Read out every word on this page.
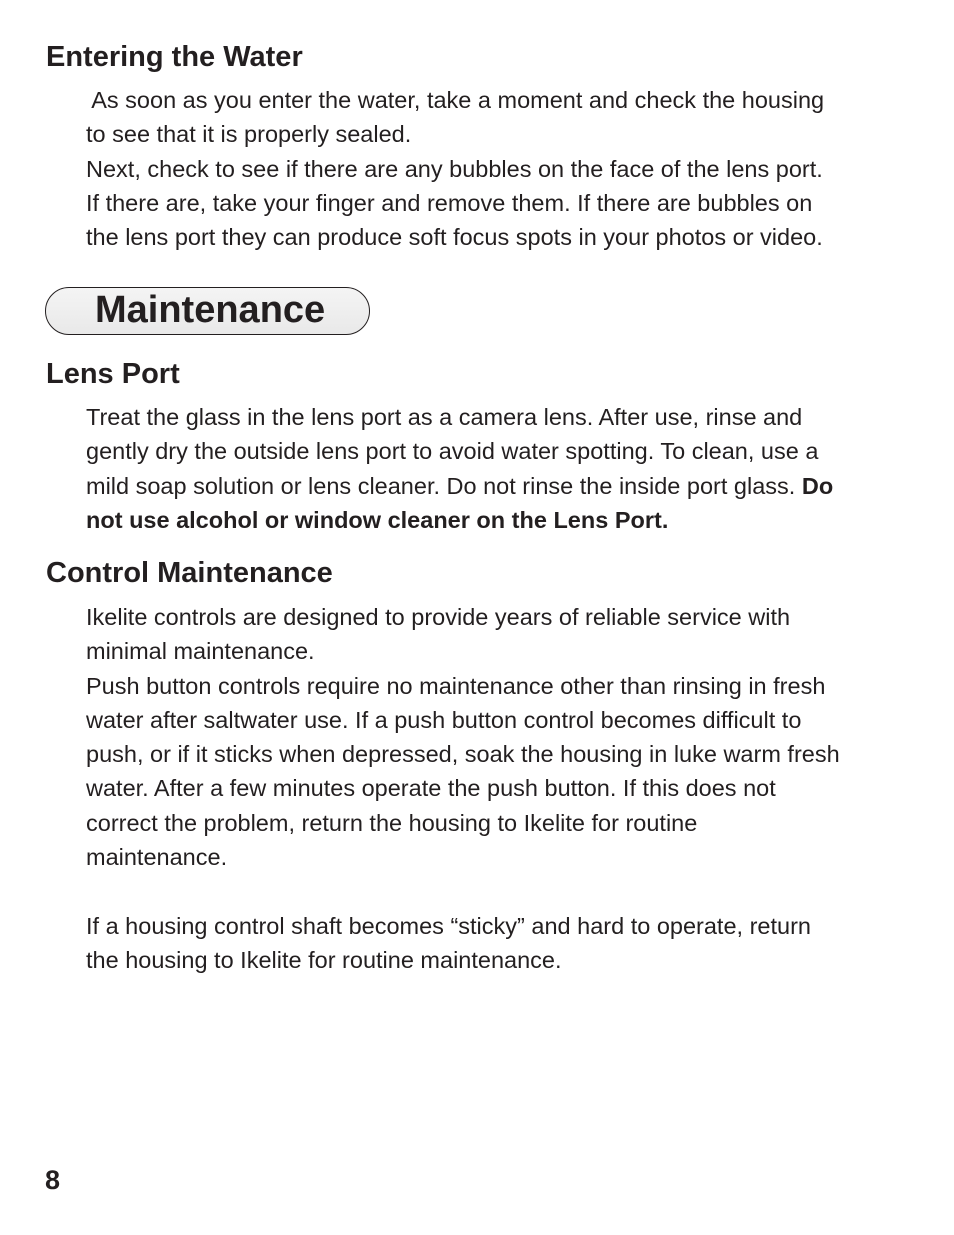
Entering the Water
As soon as you enter the water, take a moment and check the housing
to see that it is properly sealed.
Next, check to see if there are any bubbles on the face of the lens port.
If there are, take your finger and remove them. If there are bubbles on
the lens port they can produce soft focus spots in your photos or video.
Maintenance
Lens Port
Treat the glass in the lens port as a camera lens. After use, rinse and
gently dry the outside lens port to avoid water spotting. To clean, use a
mild soap solution or lens cleaner. Do not rinse the inside port glass. Do
not use alcohol or window cleaner on the Lens Port.
Control Maintenance
Ikelite controls are designed to provide years of reliable service with
minimal maintenance.
Push button controls require no maintenance other than rinsing in fresh
water after saltwater use. If a push button control becomes difficult to
push, or if it sticks when depressed, soak the housing in luke warm fresh
water. After a few minutes operate the push button. If this does not
correct the problem, return the housing to Ikelite for routine
maintenance.
If a housing control shaft becomes “sticky” and hard to operate, return
the housing to Ikelite for routine maintenance.
8
